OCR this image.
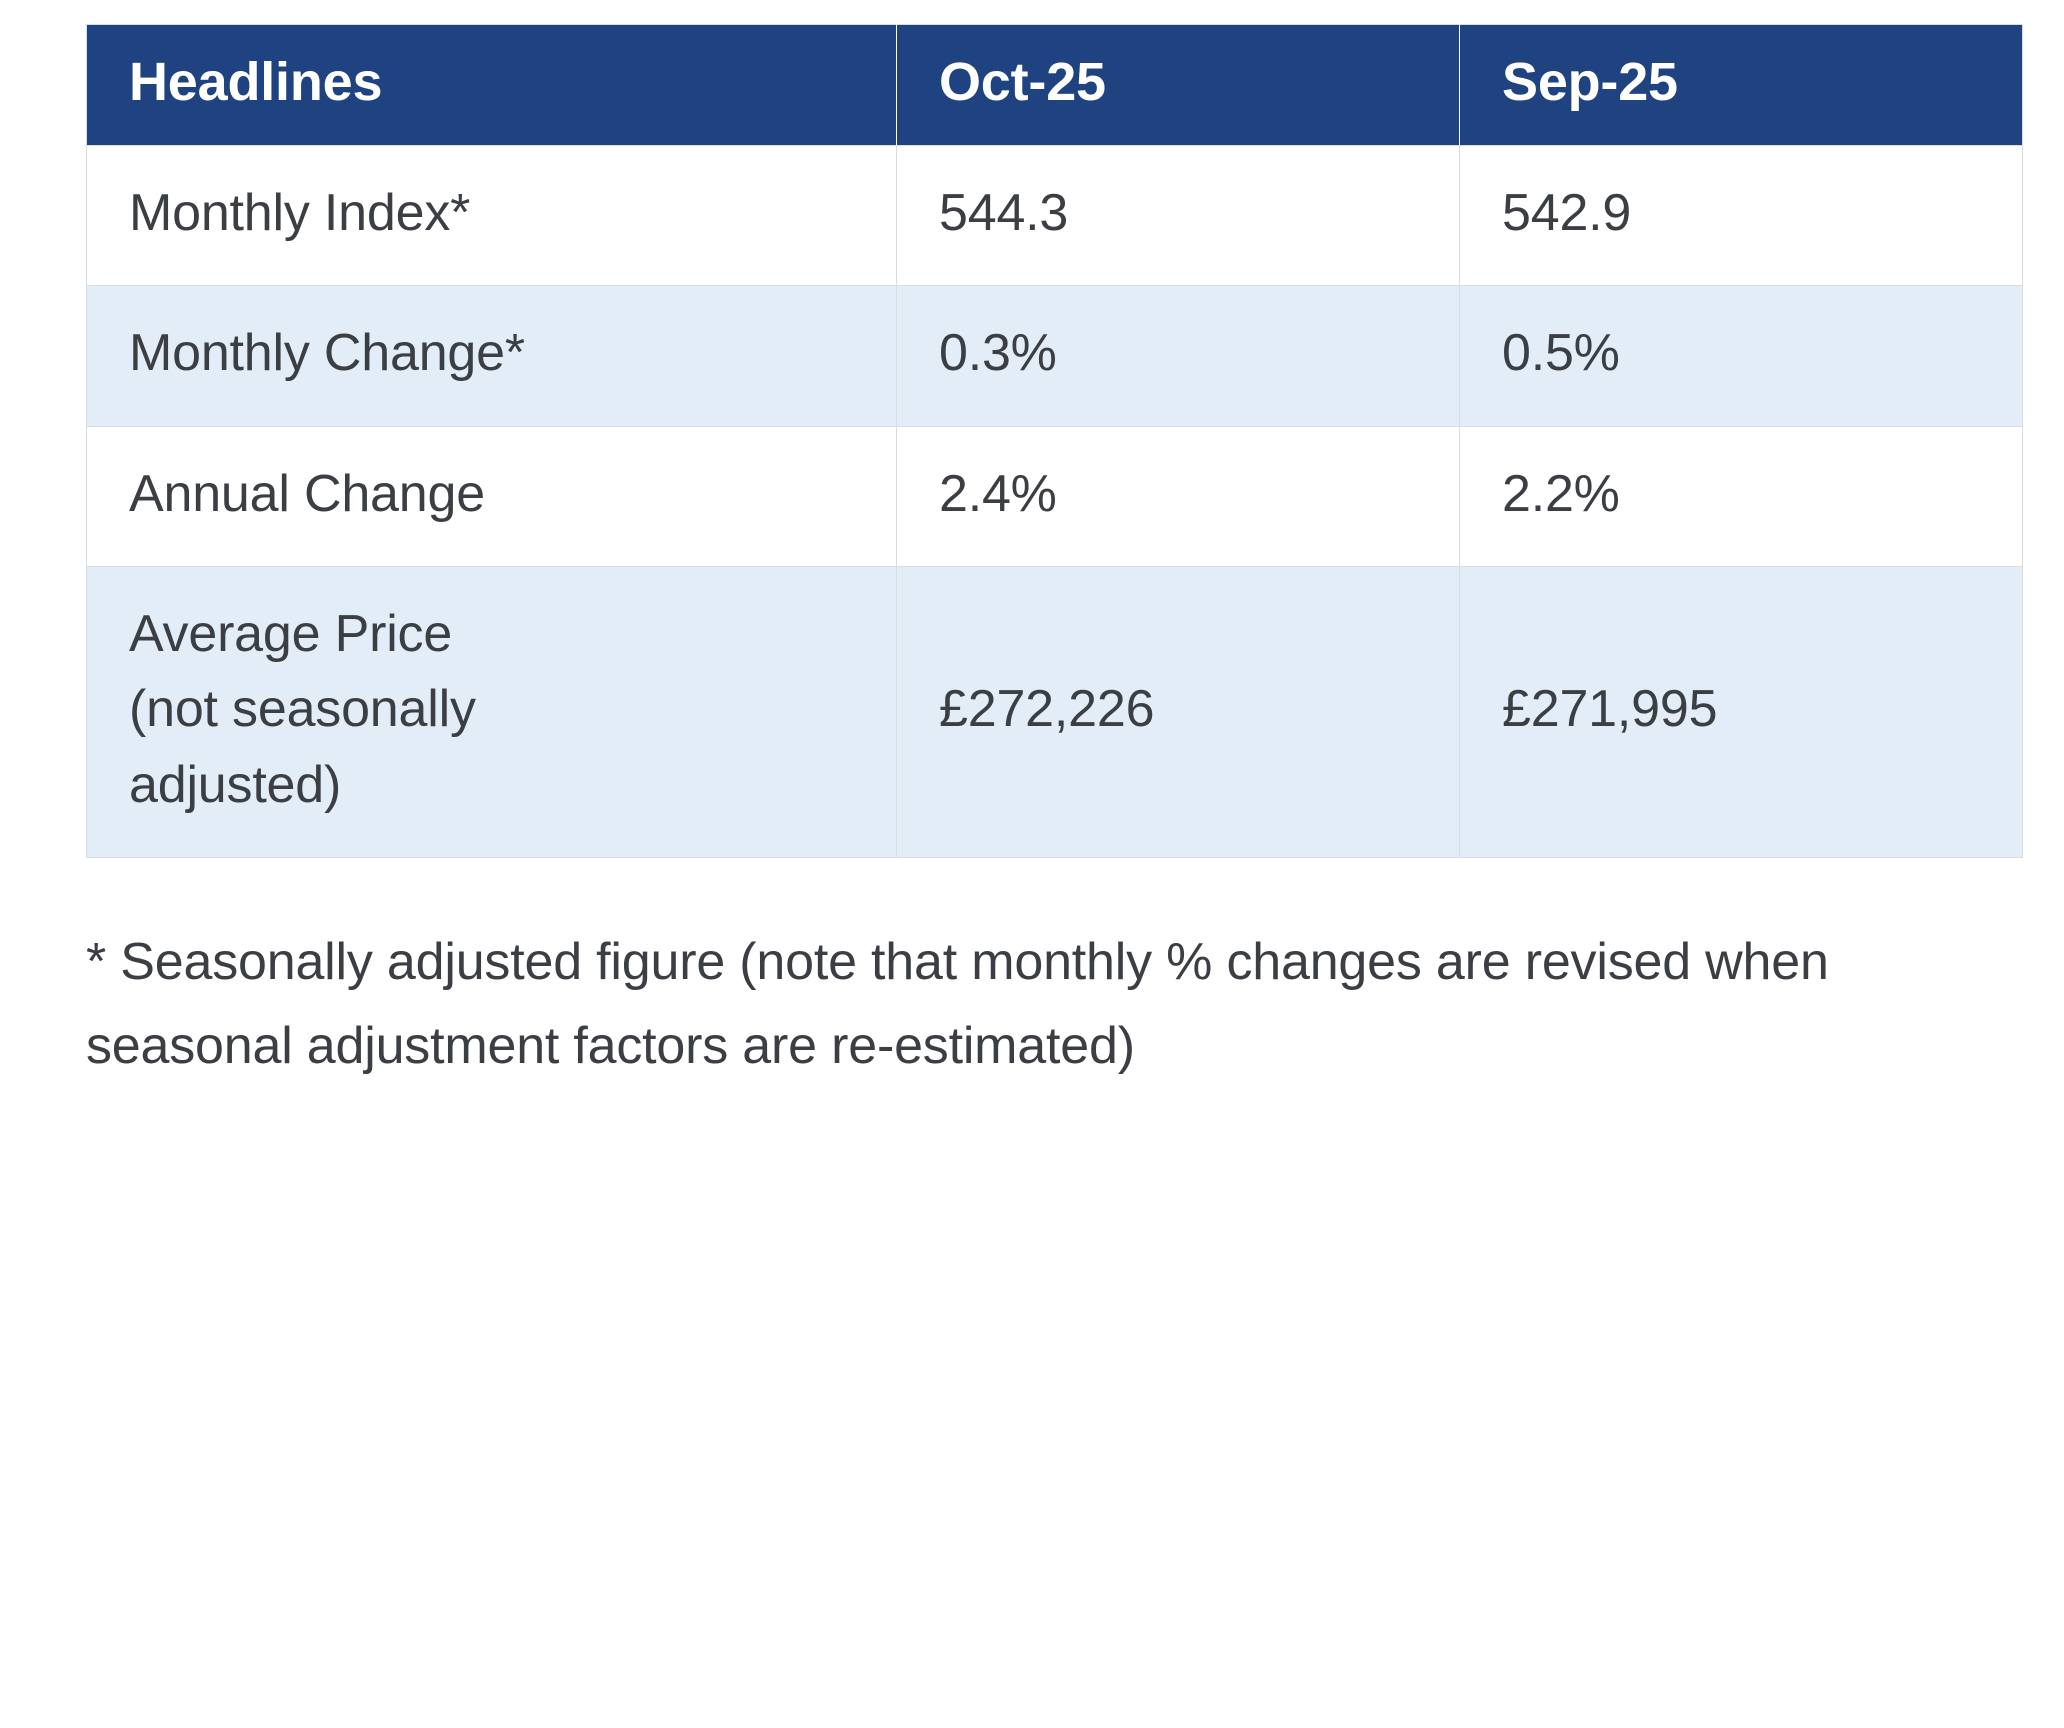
Headlines	Oct-25	Sep-25
Monthly Index*	544.3	542.9
Monthly Change*	0.3%	0.5%
Annual Change	2.4%	2.2%

Average Price
(not seasonally
adjusted)	£272,226	£271,995

* Seasonally adjusted figure (note that monthly % changes are revised when seasonal adjustment factors are re-estimated)
